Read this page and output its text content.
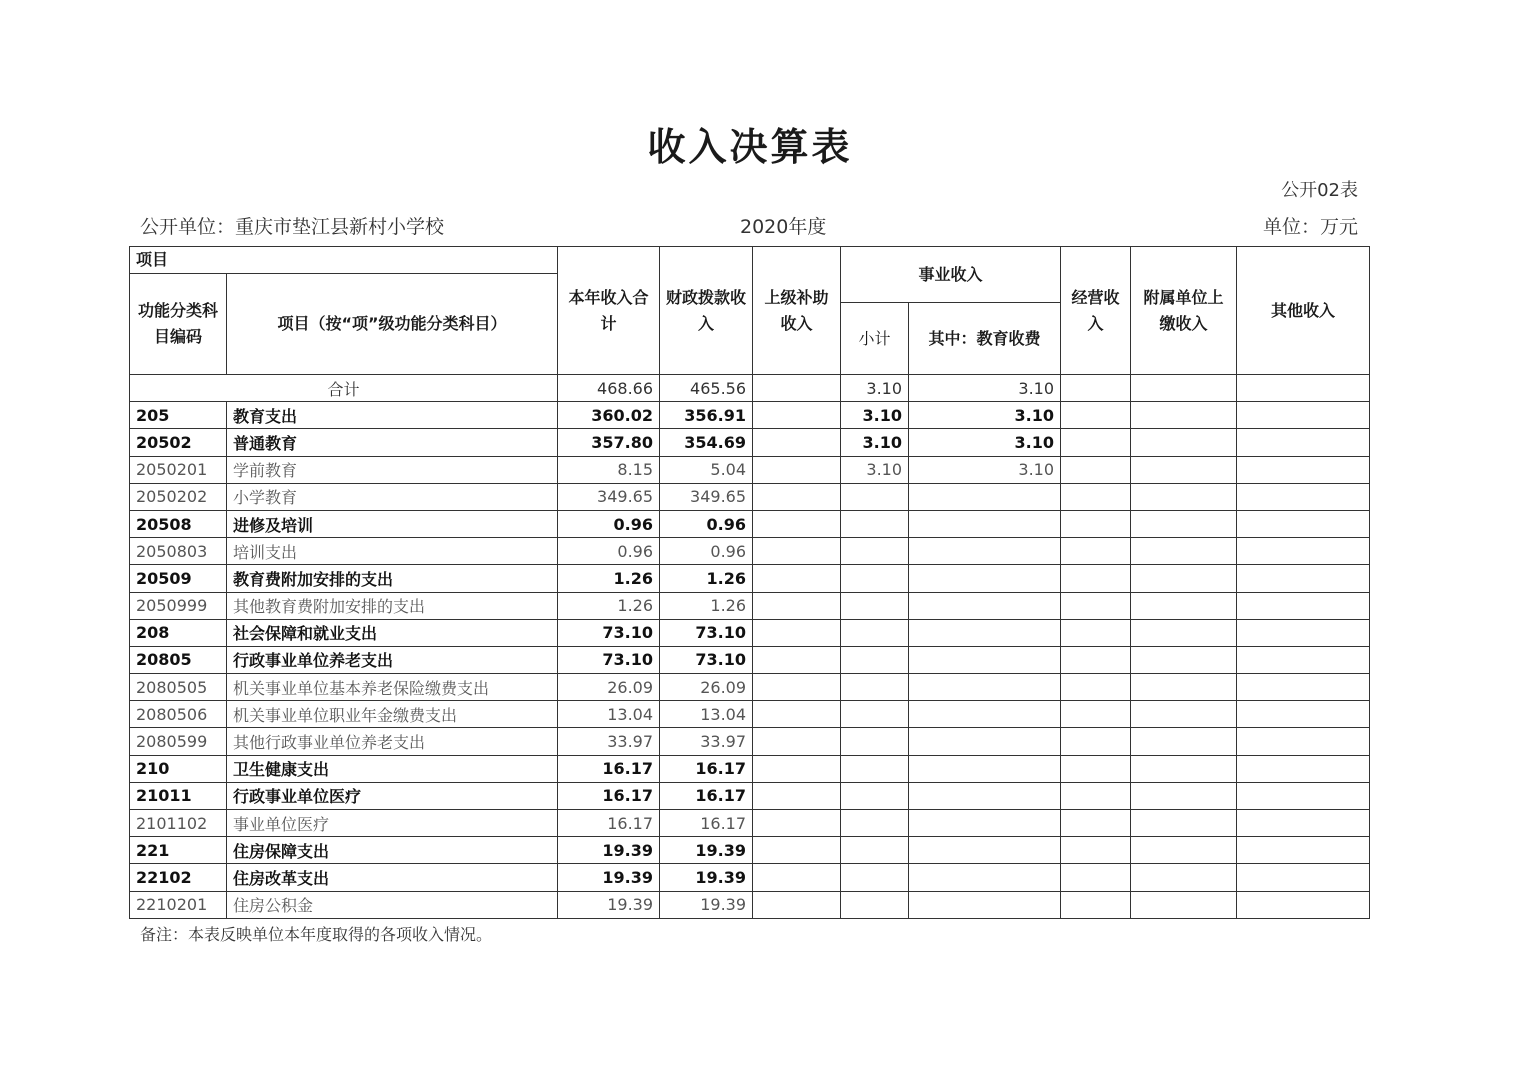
收入决算表
公开02表
公开单位：重庆市垫江县新村小学校	2020年度	单位：万元
项目		本年收入合计	财政拨款收入	上级补助收入	事业收入		经营收入	附属单位上缴收入	其他收入
功能分类科目编码	项目（按“项”级功能分类科目）								
					小计	其中：教育收费			
合计		468.66	465.56		3.10	3.10			
205	教育支出	360.02	356.91		3.10	3.10			
20502	普通教育	357.80	354.69		3.10	3.10			
2050201	学前教育	8.15	5.04		3.10	3.10			
2050202	小学教育	349.65	349.65						
20508	进修及培训	0.96	0.96						
2050803	培训支出	0.96	0.96						
20509	教育费附加安排的支出	1.26	1.26						
2050999	其他教育费附加安排的支出	1.26	1.26						
208	社会保障和就业支出	73.10	73.10						
20805	行政事业单位养老支出	73.10	73.10						
2080505	机关事业单位基本养老保险缴费支出	26.09	26.09						
2080506	机关事业单位职业年金缴费支出	13.04	13.04						
2080599	其他行政事业单位养老支出	33.97	33.97						
210	卫生健康支出	16.17	16.17						
21011	行政事业单位医疗	16.17	16.17						
2101102	事业单位医疗	16.17	16.17						
221	住房保障支出	19.39	19.39						
22102	住房改革支出	19.39	19.39						
2210201	住房公积金	19.39	19.39						
备注：本表反映单位本年度取得的各项收入情况。
